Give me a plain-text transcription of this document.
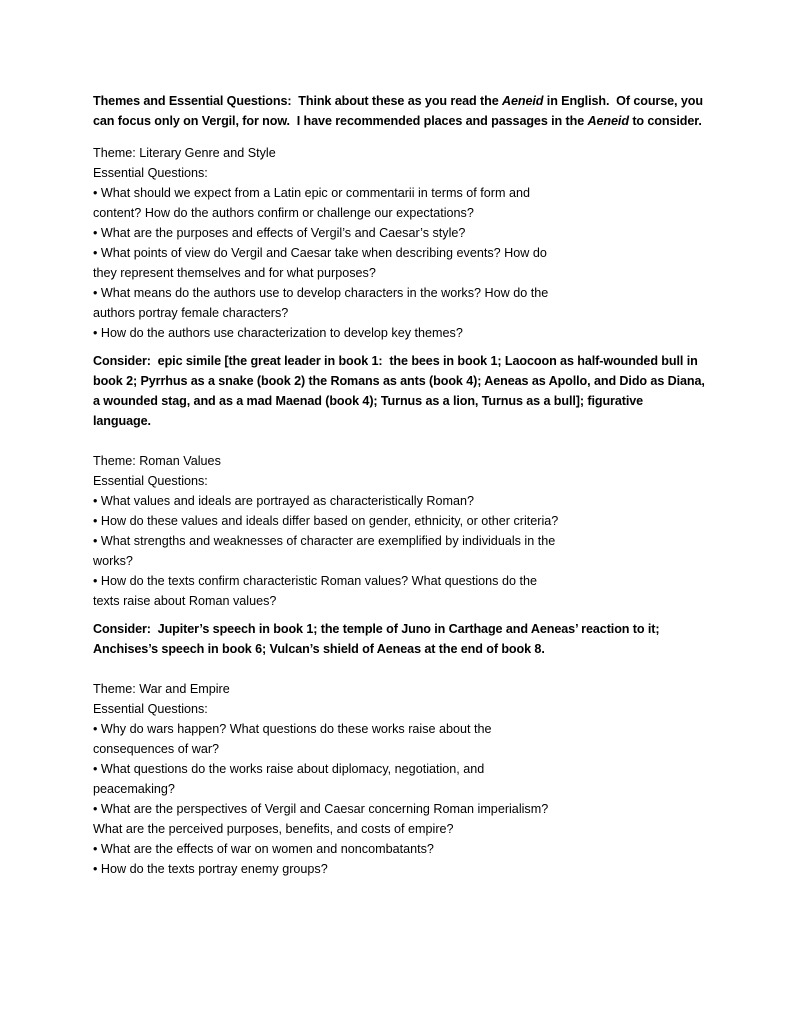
Themes and Essential Questions:  Think about these as you read the Aeneid in English.  Of course, you
can focus only on Vergil, for now.  I have recommended places and passages in the Aeneid to consider.
Theme: Literary Genre and Style
Essential Questions:
• What should we expect from a Latin epic or commentarii in terms of form and
content? How do the authors confirm or challenge our expectations?
• What are the purposes and effects of Vergil’s and Caesar’s style?
• What points of view do Vergil and Caesar take when describing events? How do
they represent themselves and for what purposes?
• What means do the authors use to develop characters in the works? How do the
authors portray female characters?
• How do the authors use characterization to develop key themes?
Consider:  epic simile [the great leader in book 1:  the bees in book 1; Laocoon as half-wounded bull in
book 2; Pyrrhus as a snake (book 2) the Romans as ants (book 4); Aeneas as Apollo, and Dido as Diana,
a wounded stag, and as a mad Maenad (book 4); Turnus as a lion, Turnus as a bull]; figurative
language.
Theme: Roman Values
Essential Questions:
• What values and ideals are portrayed as characteristically Roman?
• How do these values and ideals differ based on gender, ethnicity, or other criteria?
• What strengths and weaknesses of character are exemplified by individuals in the
works?
• How do the texts confirm characteristic Roman values? What questions do the
texts raise about Roman values?
Consider:  Jupiter’s speech in book 1; the temple of Juno in Carthage and Aeneas’ reaction to it;
Anchises’s speech in book 6; Vulcan’s shield of Aeneas at the end of book 8.
Theme: War and Empire
Essential Questions:
• Why do wars happen? What questions do these works raise about the
consequences of war?
• What questions do the works raise about diplomacy, negotiation, and
peacemaking?
• What are the perspectives of Vergil and Caesar concerning Roman imperialism?
What are the perceived purposes, benefits, and costs of empire?
• What are the effects of war on women and noncombatants?
• How do the texts portray enemy groups?
